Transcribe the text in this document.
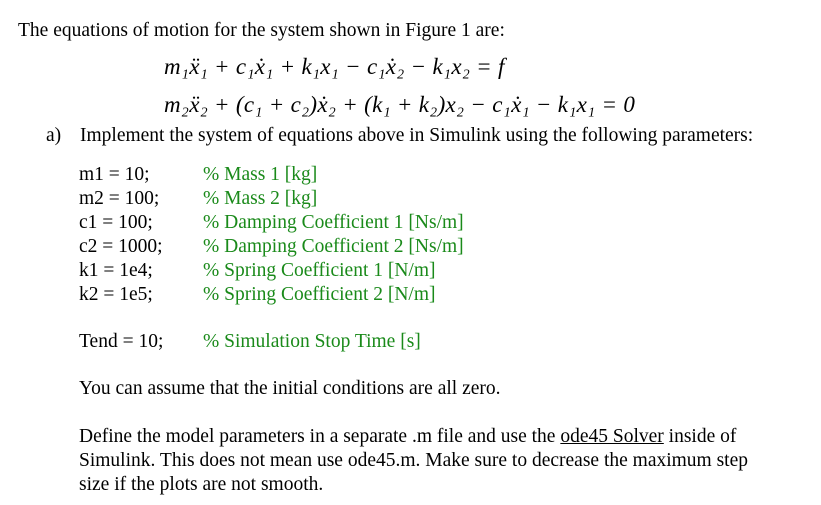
The equations of motion for the system shown in Figure 1 are:
m₁ẍ₁ + c₁ẋ₁ + k₁x₁ − c₁ẋ₂ − k₁x₂ = f
m₂ẍ₂ + (c₁ + c₂)ẋ₂ + (k₁ + k₂)x₂ − c₁ẋ₁ − k₁x₁ = 0
a) Implement the system of equations above in Simulink using the following parameters:
m1 = 10;	% Mass 1 [kg]
m2 = 100; % Mass 2 [kg]
c1 = 100;	% Damping Coefficient 1 [Ns/m]
c2 = 1000; % Damping Coefficient 2 [Ns/m]
k1 = 1e4;	% Spring Coefficient 1 [N/m]
k2 = 1e5;	% Spring Coefficient 2 [N/m]
Tend = 10; % Simulation Stop Time [s]
You can assume that the initial conditions are all zero.
Define the model parameters in a separate .m file and use the ode45 Solver inside of
Simulink. This does not mean use ode45.m. Make sure to decrease the maximum step
size if the plots are not smooth.
